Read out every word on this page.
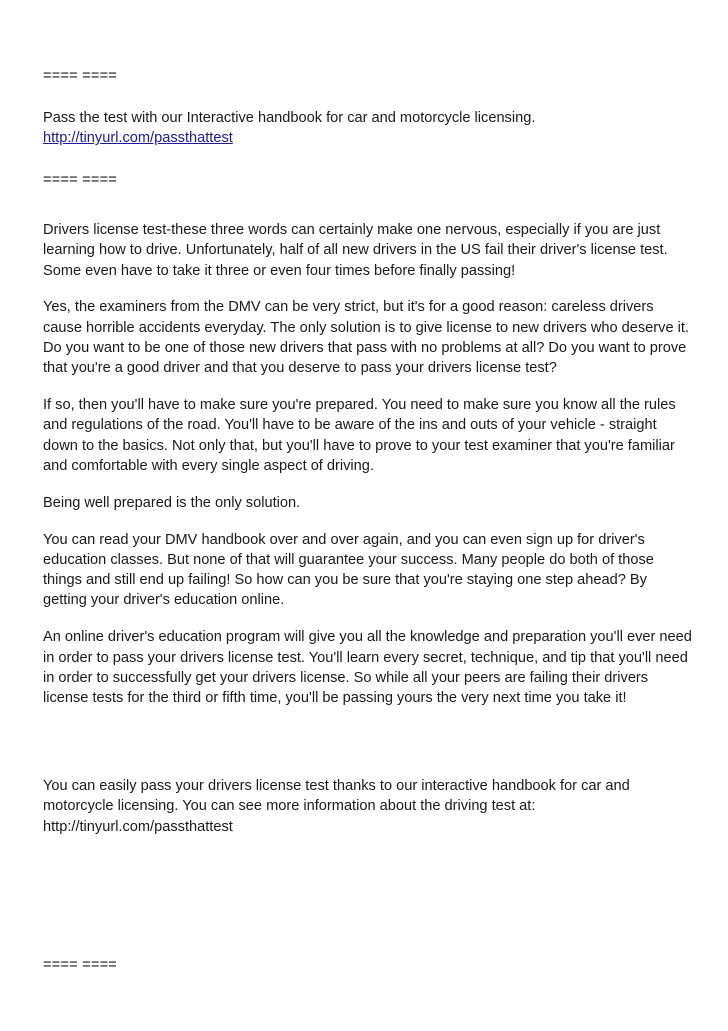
==== ====
Pass the test with our Interactive handbook for car and motorcycle licensing.
http://tinyurl.com/passthattest
==== ====

Drivers license test-these three words can certainly make one nervous, especially if you are just learning how to drive. Unfortunately, half of all new drivers in the US fail their driver's license test. Some even have to take it three or even four times before finally passing!

Yes, the examiners from the DMV can be very strict, but it's for a good reason: careless drivers cause horrible accidents everyday. The only solution is to give license to new drivers who deserve it. Do you want to be one of those new drivers that pass with no problems at all? Do you want to prove that you're a good driver and that you deserve to pass your drivers license test?

If so, then you'll have to make sure you're prepared. You need to make sure you know all the rules and regulations of the road. You'll have to be aware of the ins and outs of your vehicle - straight down to the basics. Not only that, but you'll have to prove to your test examiner that you're familiar and comfortable with every single aspect of driving.

Being well prepared is the only solution.

You can read your DMV handbook over and over again, and you can even sign up for driver's education classes. But none of that will guarantee your success. Many people do both of those things and still end up failing! So how can you be sure that you're staying one step ahead? By getting your driver's education online.

An online driver's education program will give you all the knowledge and preparation you'll ever need in order to pass your drivers license test. You'll learn every secret, technique, and tip that you'll need in order to successfully get your drivers license. So while all your peers are failing their drivers license tests for the third or fifth time, you'll be passing yours the very next time you take it!

You can easily pass your drivers license test thanks to our interactive handbook for car and motorcycle licensing. You can see more information about the driving test at:

http://tinyurl.com/passthattest
==== ====
